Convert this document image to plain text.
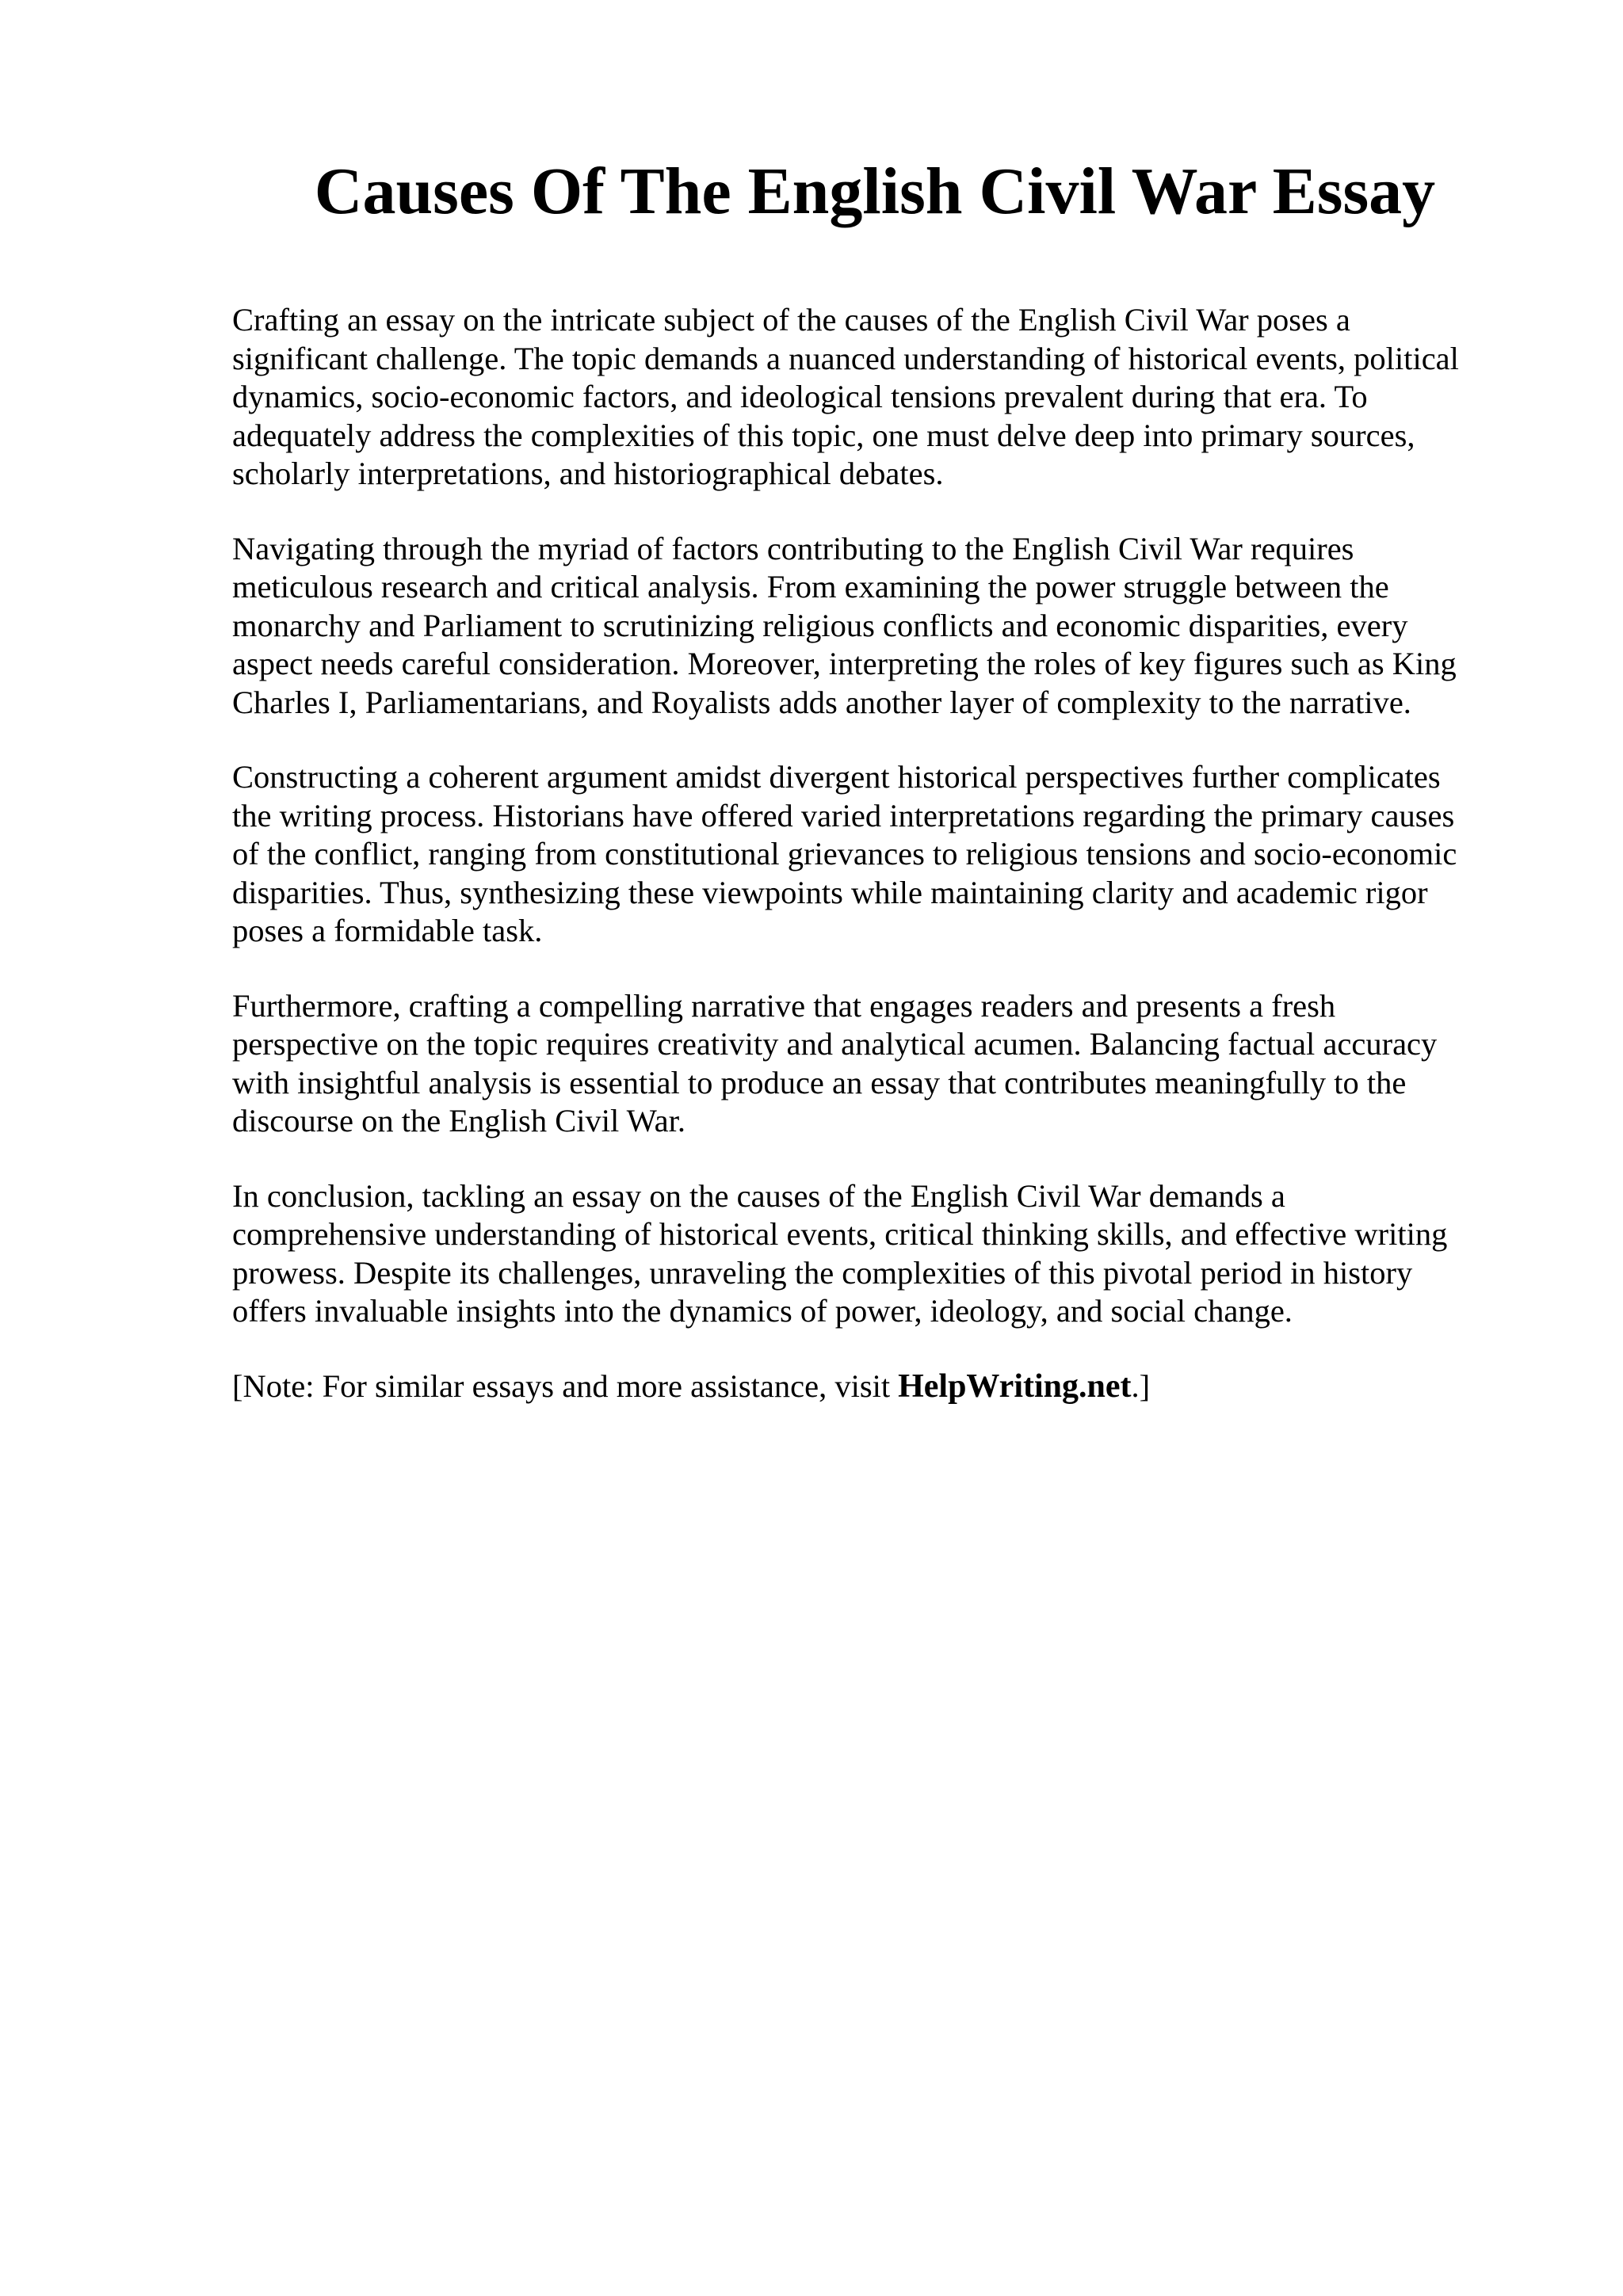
Causes Of The English Civil War Essay

Crafting an essay on the intricate subject of the causes of the English Civil War poses a
significant challenge. The topic demands a nuanced understanding of historical events, political
dynamics, socio-economic factors, and ideological tensions prevalent during that era. To
adequately address the complexities of this topic, one must delve deep into primary sources,
scholarly interpretations, and historiographical debates.

Navigating through the myriad of factors contributing to the English Civil War requires
meticulous research and critical analysis. From examining the power struggle between the
monarchy and Parliament to scrutinizing religious conflicts and economic disparities, every
aspect needs careful consideration. Moreover, interpreting the roles of key figures such as King
Charles I, Parliamentarians, and Royalists adds another layer of complexity to the narrative.

Constructing a coherent argument amidst divergent historical perspectives further complicates
the writing process. Historians have offered varied interpretations regarding the primary causes
of the conflict, ranging from constitutional grievances to religious tensions and socio-economic
disparities. Thus, synthesizing these viewpoints while maintaining clarity and academic rigor
poses a formidable task.

Furthermore, crafting a compelling narrative that engages readers and presents a fresh
perspective on the topic requires creativity and analytical acumen. Balancing factual accuracy
with insightful analysis is essential to produce an essay that contributes meaningfully to the
discourse on the English Civil War.

In conclusion, tackling an essay on the causes of the English Civil War demands a
comprehensive understanding of historical events, critical thinking skills, and effective writing
prowess. Despite its challenges, unraveling the complexities of this pivotal period in history
offers invaluable insights into the dynamics of power, ideology, and social change.

[Note: For similar essays and more assistance, visit HelpWriting.net.]
